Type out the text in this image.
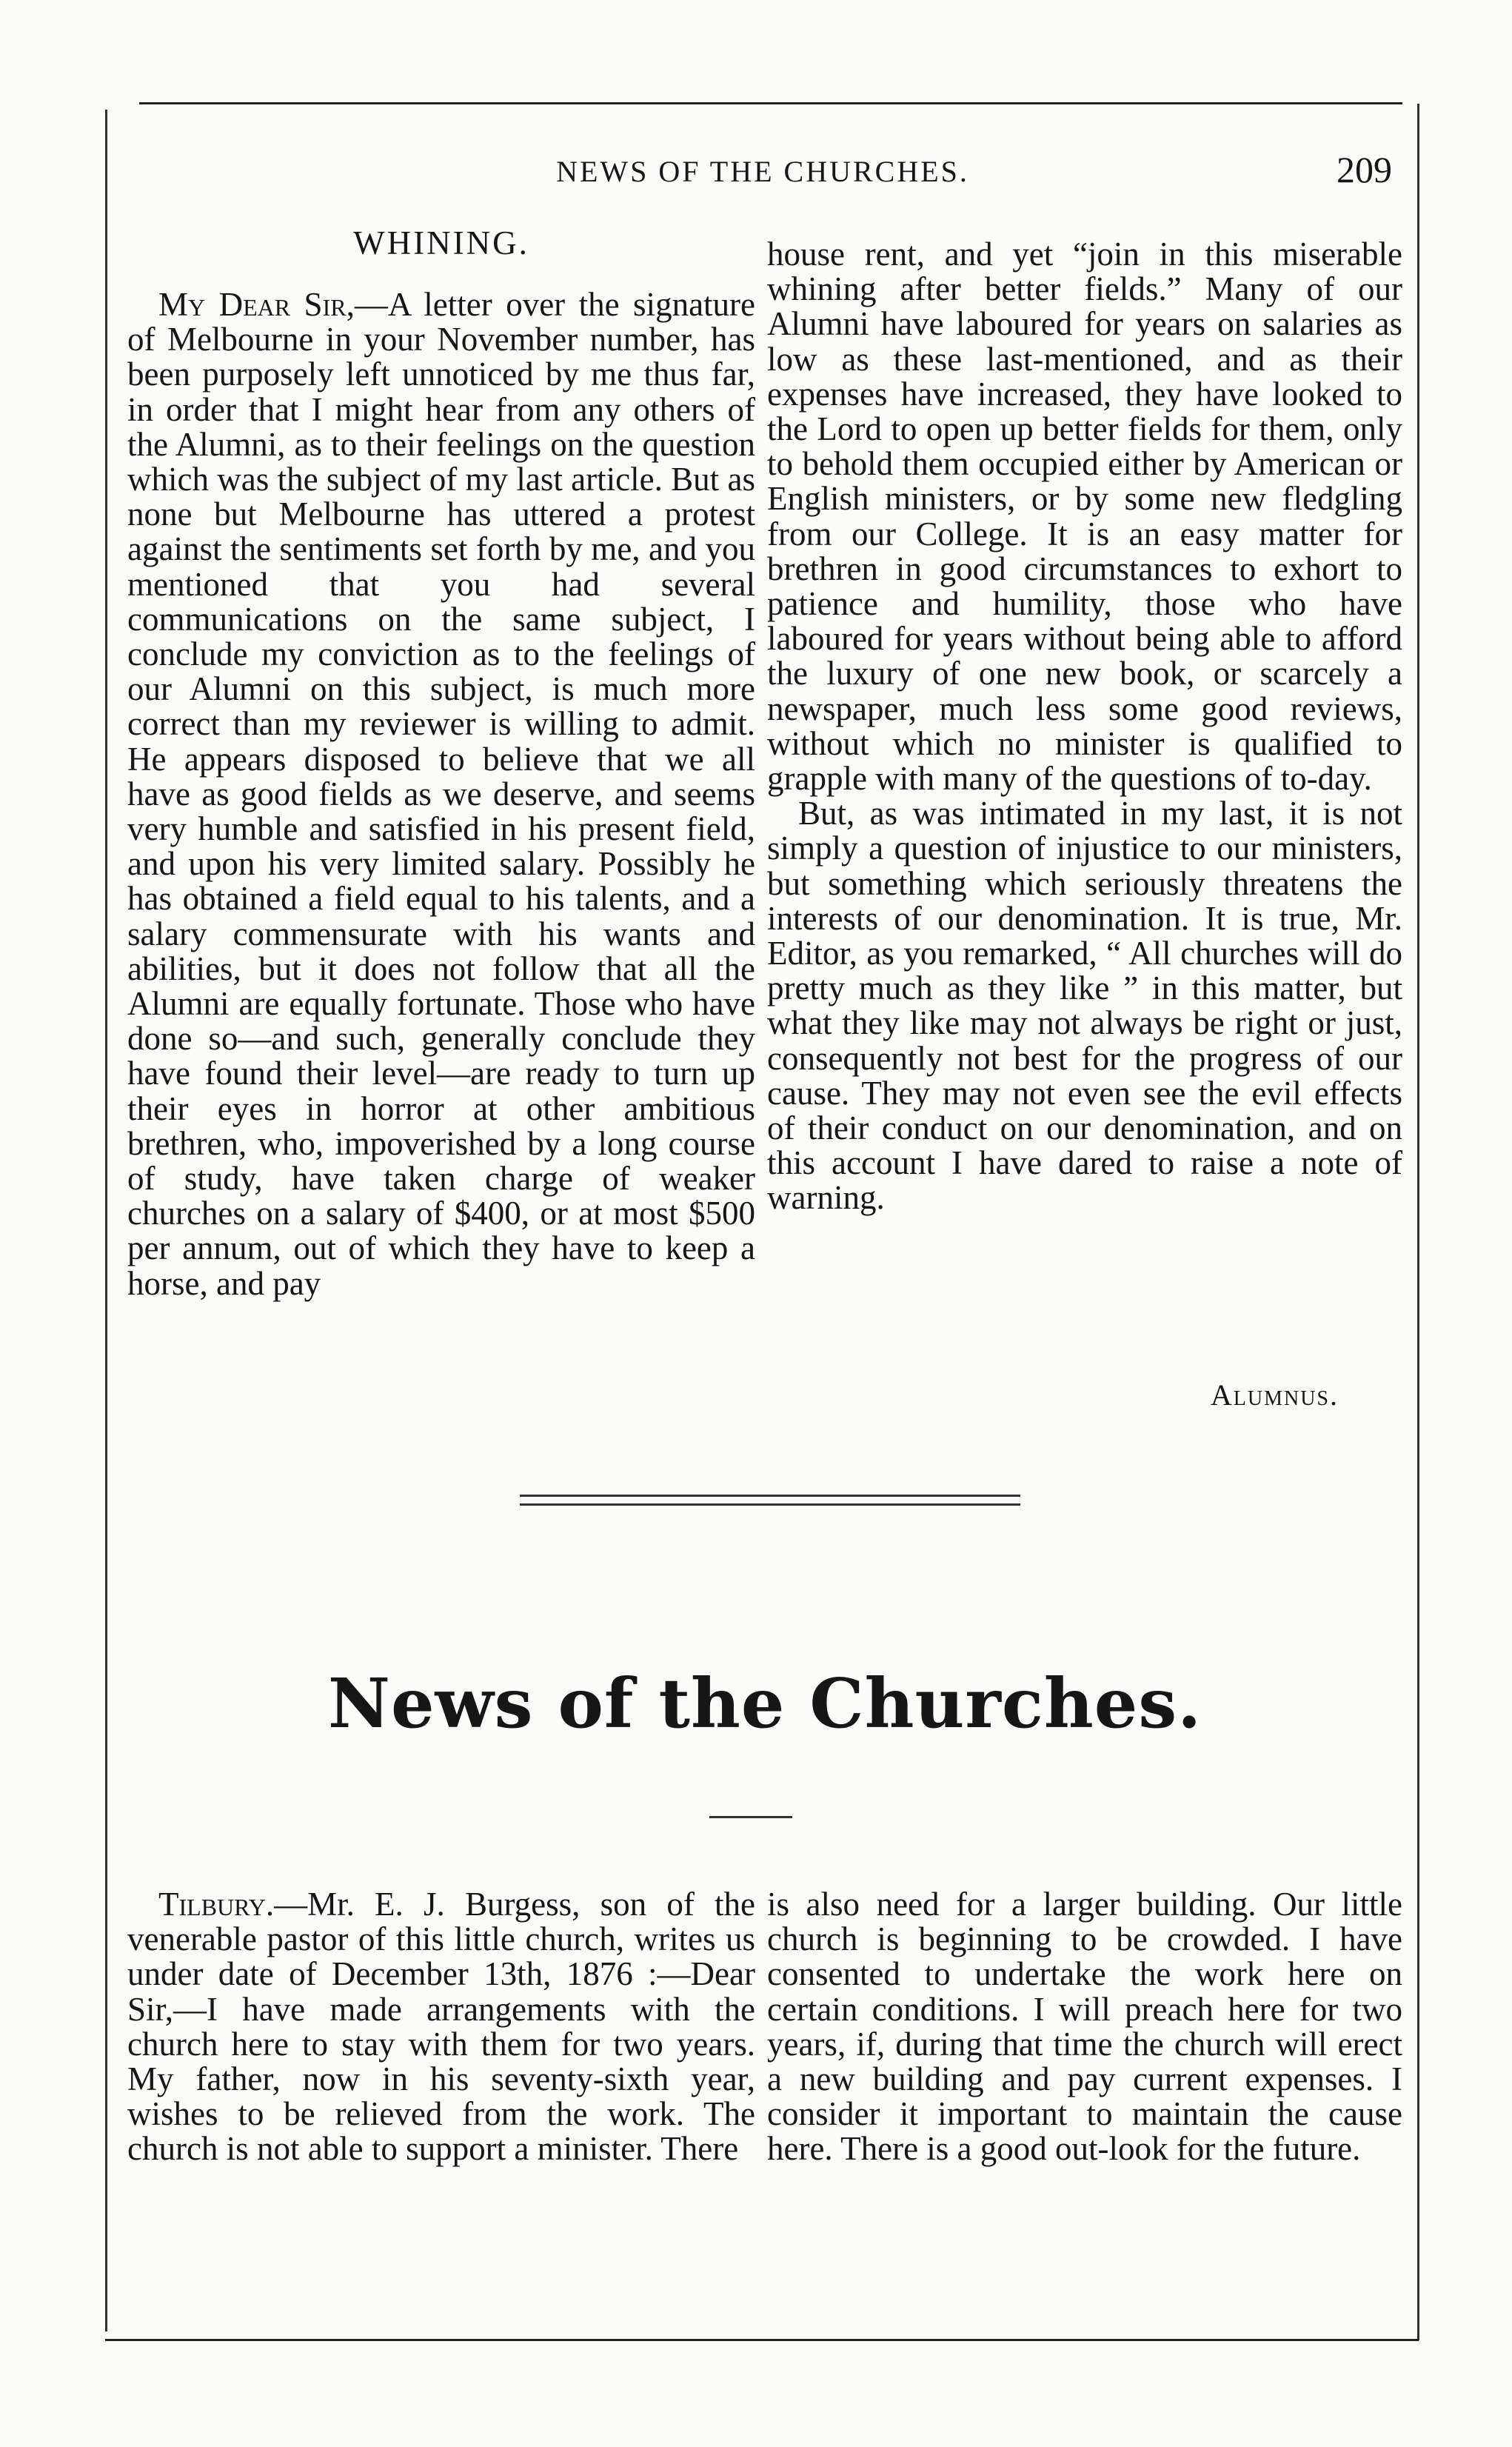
NEWS OF THE CHURCHES.	209
WHINING.

My Dear Sir,—A letter over the signature of Melbourne in your November number, has been purposely left unnoticed by me thus far, in order that I might hear from any others of the Alumni, as to their feelings on the question which was the subject of my last article. But as none but Melbourne has uttered a protest against the sentiments set forth by me, and you mentioned that you had several communications on the same subject, I conclude my conviction as to the feelings of our Alumni on this subject, is much more correct than my reviewer is willing to admit. He appears disposed to believe that we all have as good fields as we deserve, and seems very humble and satisfied in his present field, and upon his very limited salary. Possibly he has obtained a field equal to his talents, and a salary commensurate with his wants and abilities, but it does not follow that all the Alumni are equally fortunate. Those who have done so—and such, generally conclude they have found their level—are ready to turn up their eyes in horror at other ambitious brethren, who, impoverished by a long course of study, have taken charge of weaker churches on a salary of $400, or at most $500 per annum, out of which they have to keep a horse, and pay

house rent, and yet “join in this miserable whining after better fields.” Many of our Alumni have laboured for years on salaries as low as these last-mentioned, and as their expenses have increased, they have looked to the Lord to open up better fields for them, only to behold them occupied either by American or English ministers, or by some new fledgling from our College. It is an easy matter for brethren in good circumstances to exhort to patience and humility, those who have laboured for years without being able to afford the luxury of one new book, or scarcely a newspaper, much less some good reviews, without which no minister is qualified to grapple with many of the questions of to-day.

But, as was intimated in my last, it is not simply a question of injustice to our ministers, but something which seriously threatens the interests of our denomination. It is true, Mr. Editor, as you remarked, “ All churches will do pretty much as they like ” in this matter, but what they like may not always be right or just, consequently not best for the progress of our cause. They may not even see the evil effects of their conduct on our denomination, and on this account I have dared to raise a note of warning.

Alumnus.
News of the Churches.

Tilbury.—Mr. E. J. Burgess, son of the venerable pastor of this little church, writes us under date of December 13th, 1876 :—Dear Sir,—I have made arrangements with the church here to stay with them for two years. My father, now in his seventy-sixth year, wishes to be relieved from the work. The church is not able to support a minister. There

is also need for a larger building. Our little church is beginning to be crowded. I have consented to undertake the work here on certain conditions. I will preach here for two years, if, during that time the church will erect a new building and pay current expenses. I consider it important to maintain the cause here. There is a good out-look for the future.
